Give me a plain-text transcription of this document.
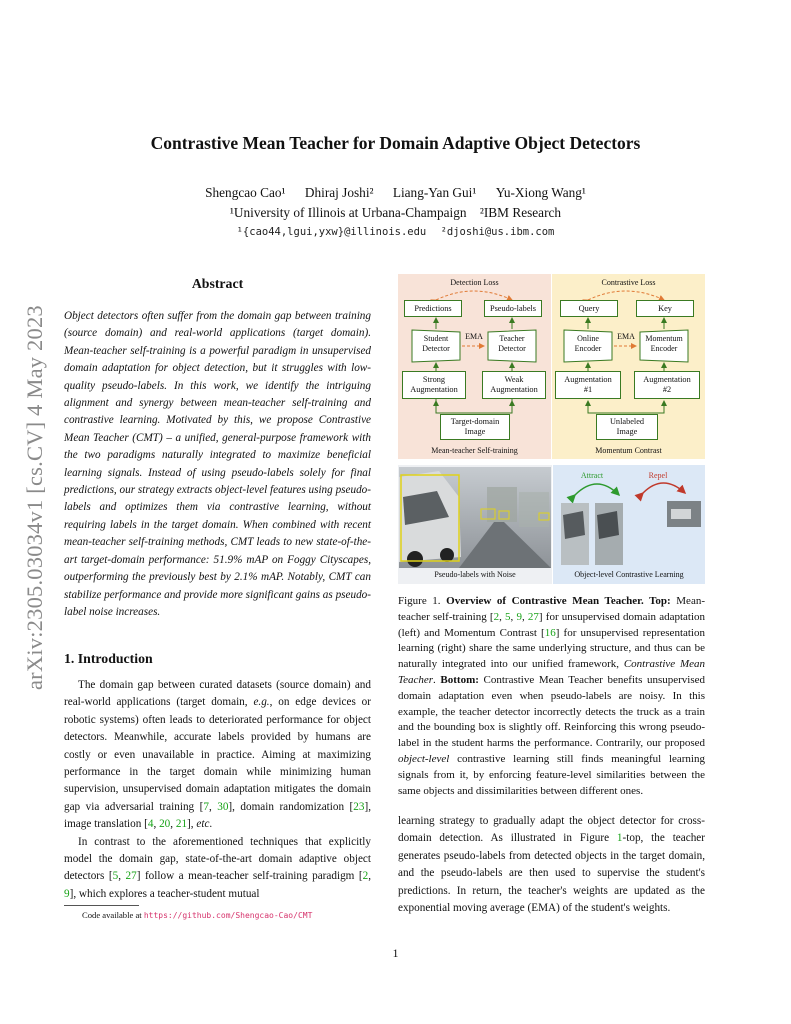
Contrastive Mean Teacher for Domain Adaptive Object Detectors
Shengcao Cao¹ Dhiraj Joshi² Liang-Yan Gui¹ Yu-Xiong Wang¹
¹University of Illinois at Urbana-Champaign ²IBM Research
¹{cao44,lgui,yxw}@illinois.edu ²djoshi@us.ibm.com
arXiv:2305.03034v1 [cs.CV] 4 May 2023
Abstract
Object detectors often suffer from the domain gap between training (source domain) and real-world applications (target domain). Mean-teacher self-training is a powerful paradigm in unsupervised domain adaptation for object detection, but it struggles with low-quality pseudo-labels. In this work, we identify the intriguing alignment and synergy between mean-teacher self-training and contrastive learning. Motivated by this, we propose Contrastive Mean Teacher (CMT) – a unified, general-purpose framework with the two paradigms naturally integrated to maximize beneficial learning signals. Instead of using pseudo-labels solely for final predictions, our strategy extracts object-level features using pseudo-labels and optimizes them via contrastive learning, without requiring labels in the target domain. When combined with recent mean-teacher self-training methods, CMT leads to new state-of-the-art target-domain performance: 51.9% mAP on Foggy Cityscapes, outperforming the previously best by 2.1% mAP. Notably, CMT can stabilize performance and provide more significant gains as pseudo-label noise increases.
1. Introduction

The domain gap between curated datasets (source domain) and real-world applications (target domain, e.g., on edge devices or robotic systems) often leads to deteriorated performance for object detectors. Meanwhile, accurate labels provided by humans are costly or even unavailable in practice. Aiming at maximizing performance in the target domain while minimizing human supervision, unsupervised domain adaptation mitigates the domain gap via adversarial training [7, 30], domain randomization [23], image translation [4, 20, 21], etc.

In contrast to the aforementioned techniques that explicitly model the domain gap, state-of-the-art domain adaptive object detectors [5, 27] follow a mean-teacher self-training paradigm [2, 9], which explores a teacher-student mutual

Code available at https://github.com/Shengcao-Cao/CMT
Detection Loss	Contrastive Loss
Predictions	Pseudo-labels	Query	Key
Student
Detector
Teacher
Detector
Online
Encoder
Momentum
Encoder
EMA	EMA
Strong
Augmentation
Weak
Augmentation
Augmentation
#1
Augmentation
#2
Target-domain
Image
Unlabeled
Image
Mean-teacher Self-training	Momentum Contrast
Pseudo-labels with Noise
Attract	Repel
Object-level Contrastive Learning
Figure 1. Overview of Contrastive Mean Teacher. Top: Mean-teacher self-training [2, 5, 9, 27] for unsupervised domain adaptation (left) and Momentum Contrast [16] for unsupervised representation learning (right) share the same underlying structure, and thus can be naturally integrated into our unified framework, Contrastive Mean Teacher. Bottom: Contrastive Mean Teacher benefits unsupervised domain adaptation even when pseudo-labels are noisy. In this example, the teacher detector incorrectly detects the truck as a train and the bounding box is slightly off. Reinforcing this wrong pseudo-label in the student harms the performance. Contrarily, our proposed object-level contrastive learning still finds meaningful learning signals from it, by enforcing feature-level similarities between the same objects and dissimilarities between different ones.
learning strategy to gradually adapt the object detector for cross-domain detection. As illustrated in Figure 1-top, the teacher generates pseudo-labels from detected objects in the target domain, and the pseudo-labels are then used to supervise the student's predictions. In return, the teacher's weights are updated as the exponential moving average (EMA) of the student's weights.
1
